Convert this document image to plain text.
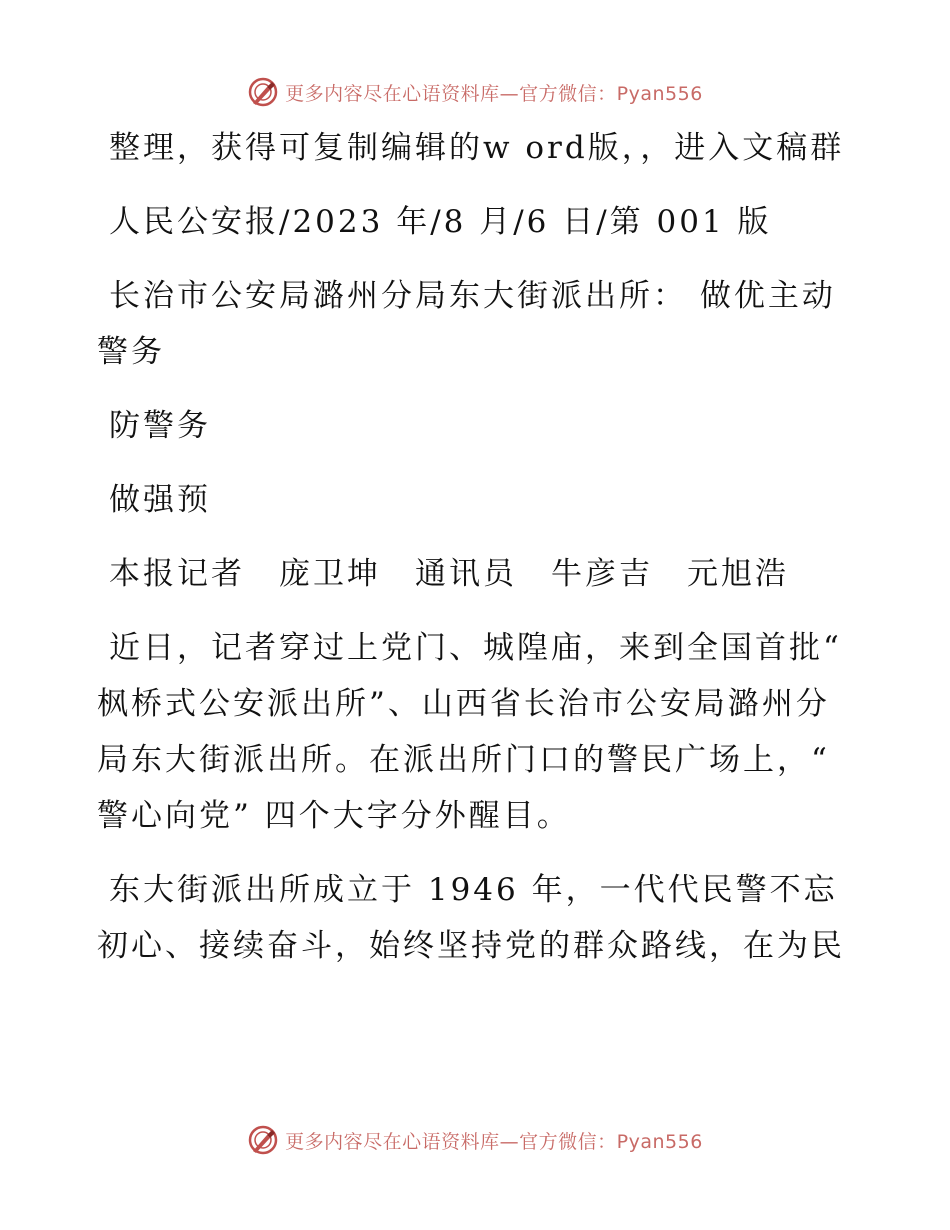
更多内容尽在心语资料库—官方微信：Pyan556

整理，获得可复制编辑的w ord版，，进入文稿群

人民公安报/2023 年/8 月/6 日/第 001 版

长治市公安局潞州分局东大街派出所： 做优主动警务

防警务

做强预

本报记者　庞卫坤　通讯员　牛彦吉　元旭浩

近日，记者穿过上党门、城隍庙，来到全国首批“ 枫桥式公安派出所”、山西省长治市公安局潞州分局东大街派出所。在派出所门口的警民广场上，“ 警心向党” 四个大字分外醒目。

东大街派出所成立于 1946 年，一代代民警不忘初心、接续奋斗，始终坚持党的群众路线，在为民

更多内容尽在心语资料库—官方微信：Pyan556
